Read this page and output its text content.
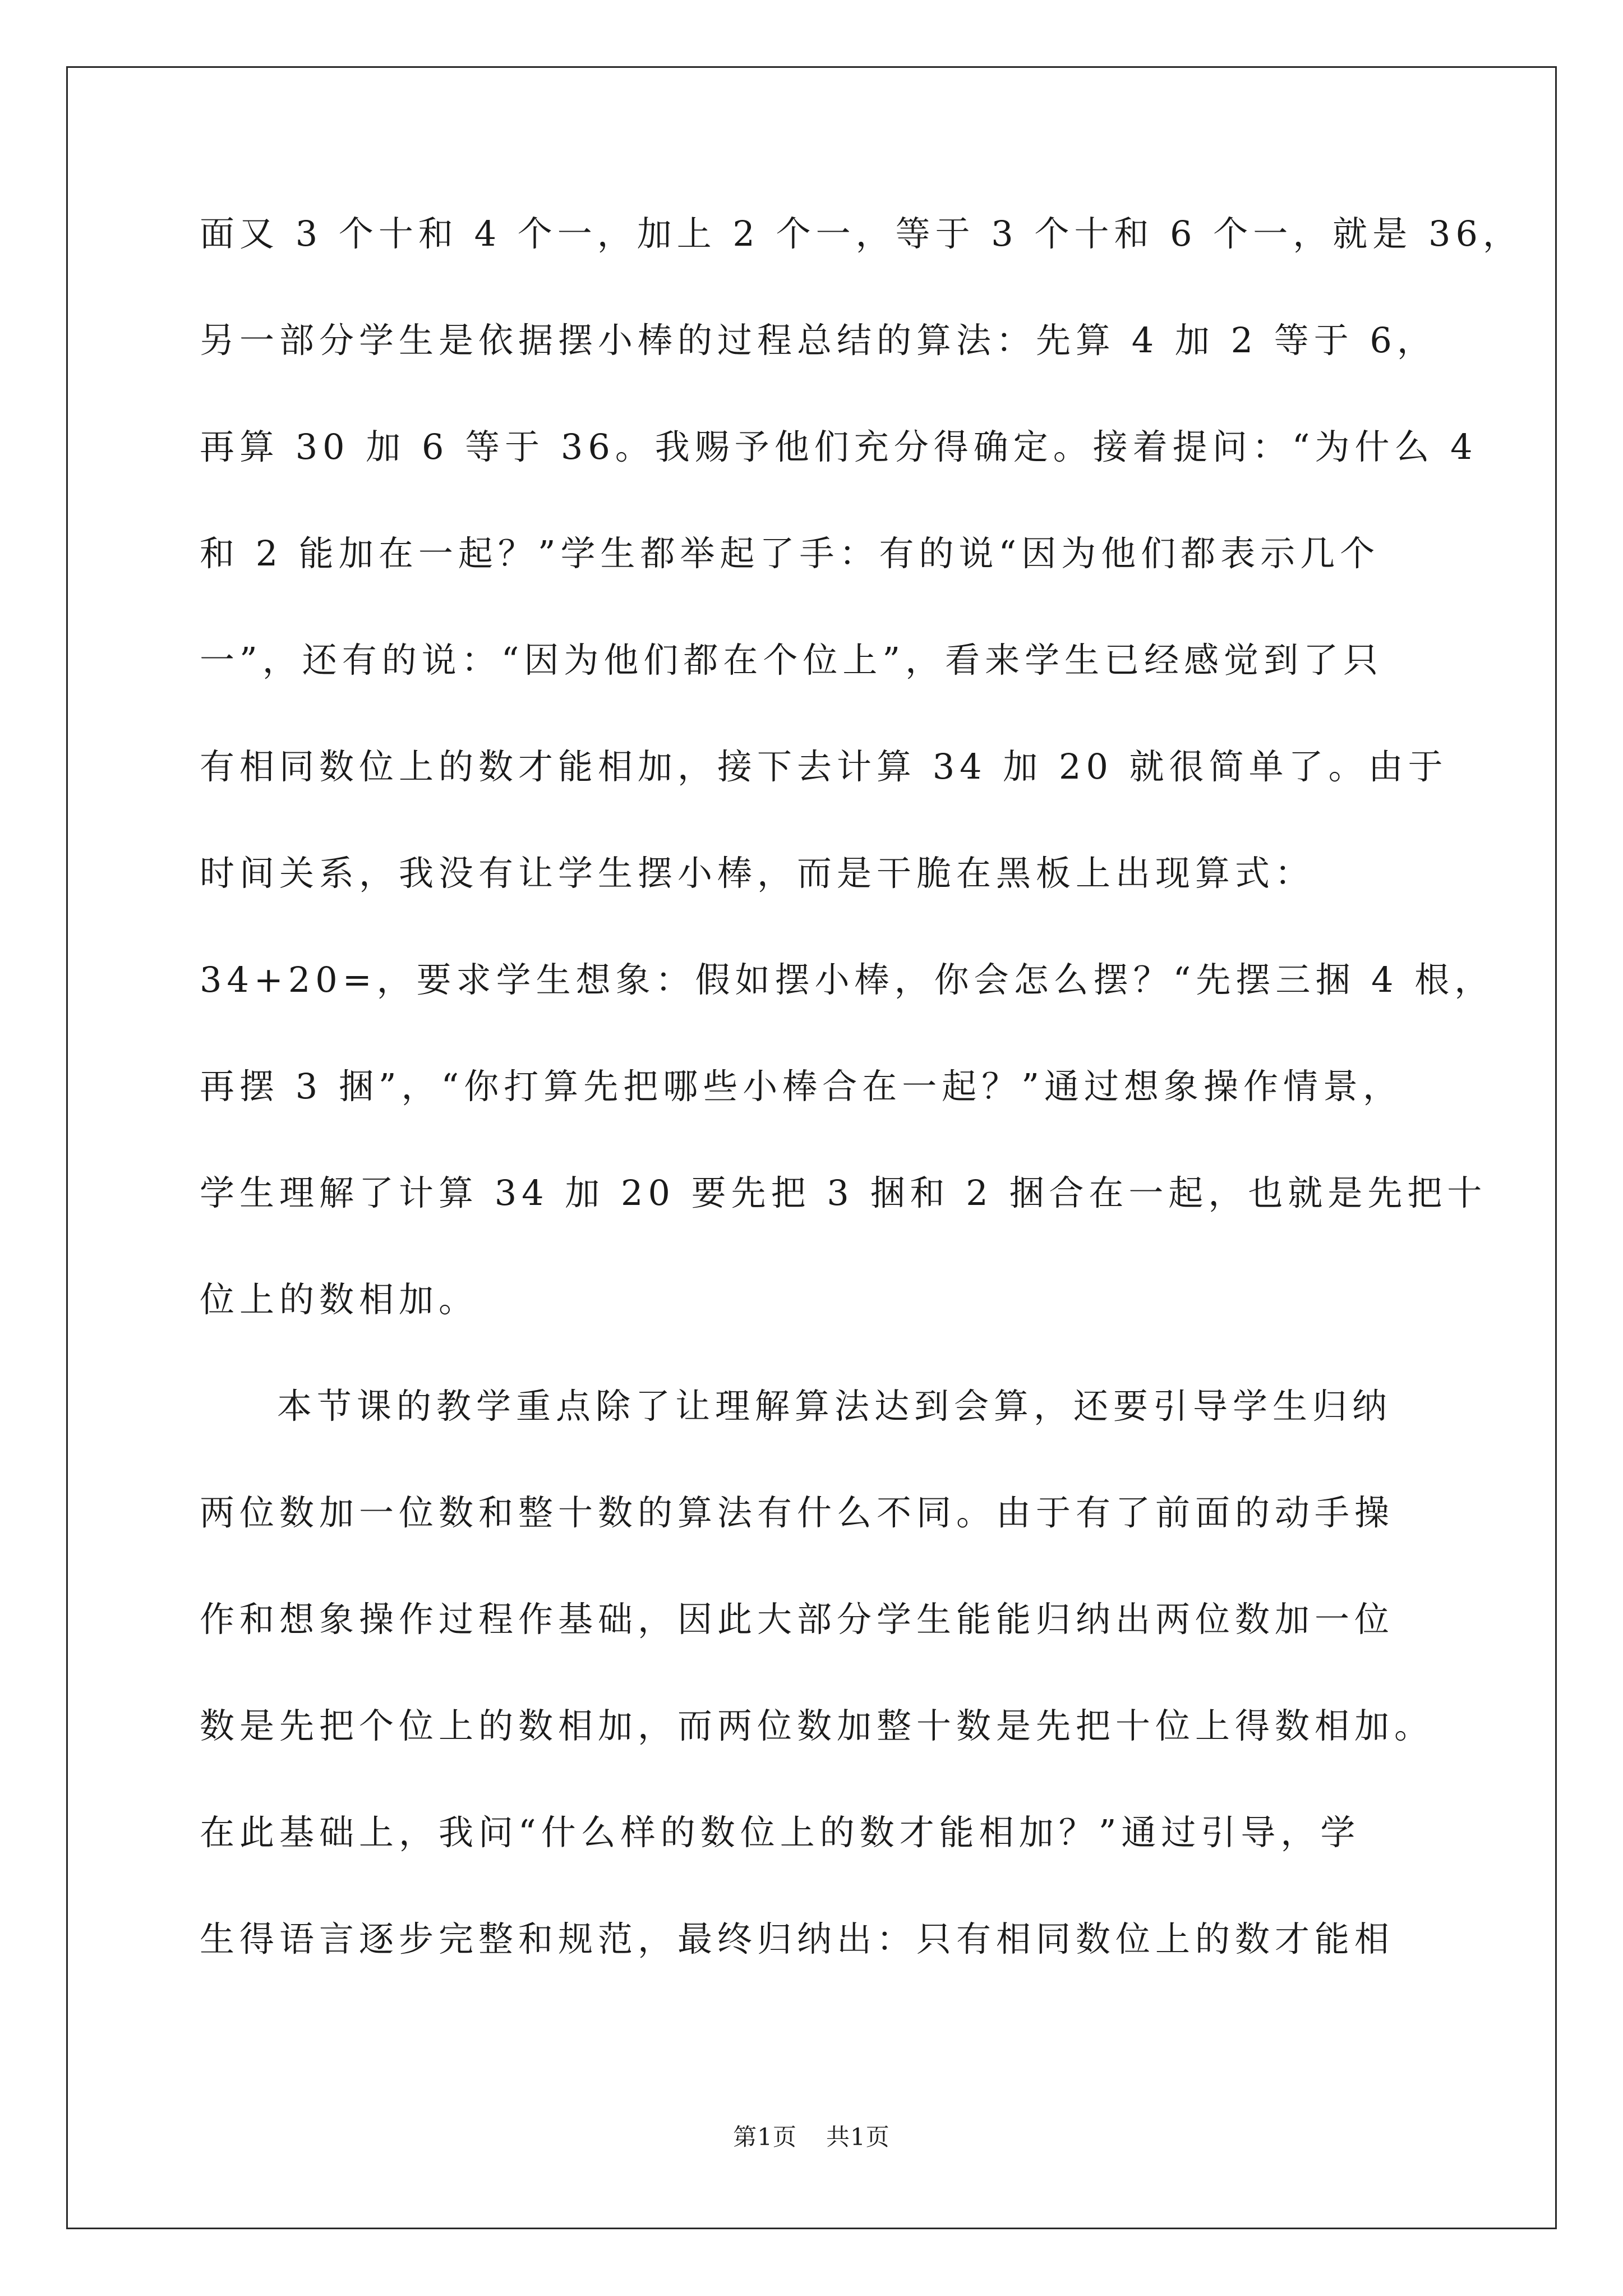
面又 3 个十和 4 个一，加上 2 个一，等于 3 个十和 6 个一，就是 36，
另一部分学生是依据摆小棒的过程总结的算法：先算 4 加 2 等于 6，
再算 30 加 6 等于 36。我赐予他们充分得确定。接着提问：“为什么 4
和 2 能加在一起？”学生都举起了手：有的说“因为他们都表示几个
一”，还有的说：“因为他们都在个位上”，看来学生已经感觉到了只
有相同数位上的数才能相加，接下去计算 34 加 20 就很简单了。由于
时间关系，我没有让学生摆小棒，而是干脆在黑板上出现算式：
34+20=，要求学生想象：假如摆小棒，你会怎么摆？“先摆三捆 4 根，
再摆 3 捆”，“你打算先把哪些小棒合在一起？”通过想象操作情景，
学生理解了计算 34 加 20 要先把 3 捆和 2 捆合在一起，也就是先把十
位上的数相加。
本节课的教学重点除了让理解算法达到会算，还要引导学生归纳
两位数加一位数和整十数的算法有什么不同。由于有了前面的动手操
作和想象操作过程作基础，因此大部分学生能能归纳出两位数加一位
数是先把个位上的数相加，而两位数加整十数是先把十位上得数相加。
在此基础上，我问“什么样的数位上的数才能相加？”通过引导，学
生得语言逐步完整和规范，最终归纳出：只有相同数位上的数才能相
第1页 共1页
